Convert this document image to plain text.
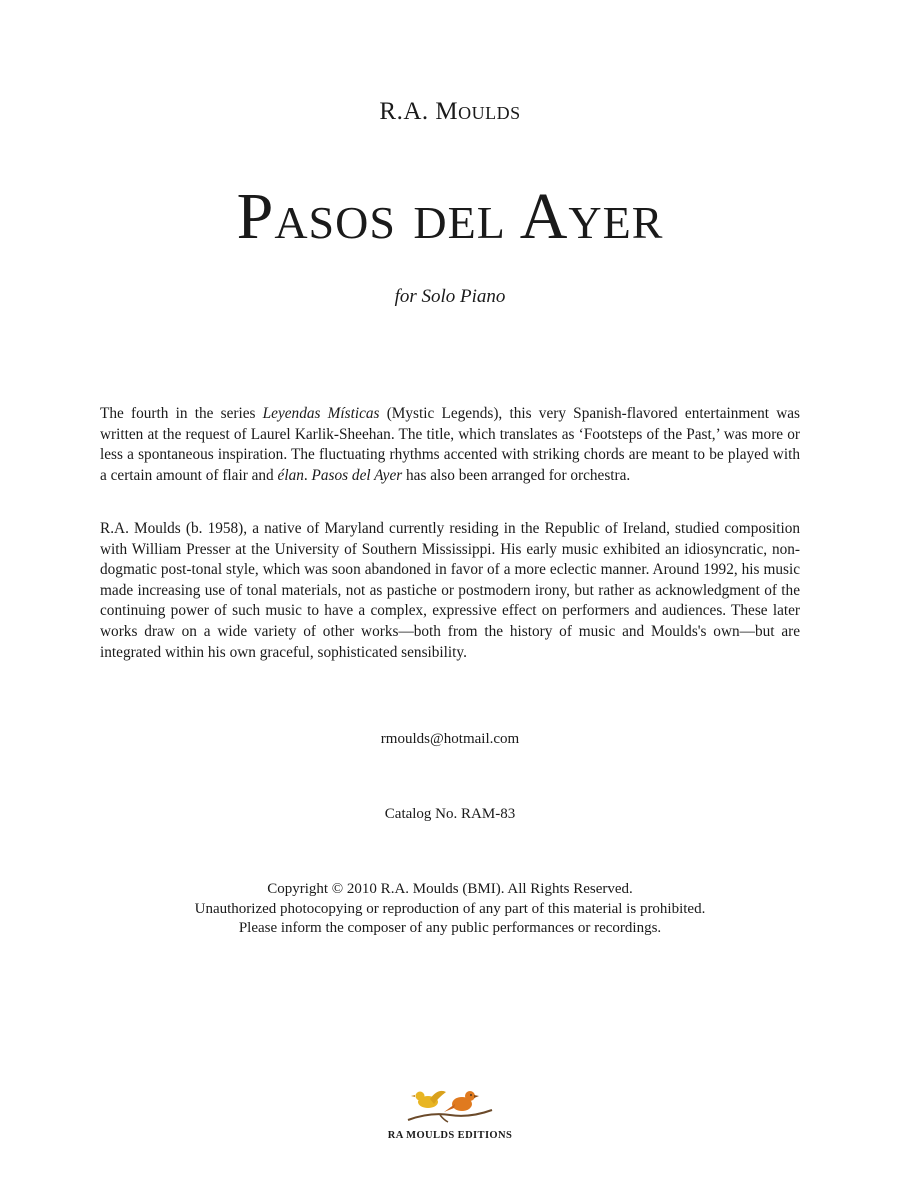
R.A. Moulds
Pasos del Ayer
for Solo Piano

The fourth in the series Leyendas Místicas (Mystic Legends), this very Spanish-flavored entertainment was written at the request of Laurel Karlik-Sheehan. The title, which translates as ‘Footsteps of the Past,’ was more or less a spontaneous inspiration. The fluctuating rhythms accented with striking chords are meant to be played with a certain amount of flair and élan. Pasos del Ayer has also been arranged for orchestra.

R.A. Moulds (b. 1958), a native of Maryland currently residing in the Republic of Ireland, studied composition with William Presser at the University of Southern Mississippi. His early music exhibited an idiosyncratic, non-dogmatic post-tonal style, which was soon abandoned in favor of a more eclectic manner. Around 1992, his music made increasing use of tonal materials, not as pastiche or postmodern irony, but rather as acknowledgment of the continuing power of such music to have a complex, expressive effect on performers and audiences. These later works draw on a wide variety of other works—both from the history of music and Moulds's own—but are integrated within his own graceful, sophisticated sensibility.

rmoulds@hotmail.com
Catalog No. RAM-83
Copyright © 2010 R.A. Moulds (BMI). All Rights Reserved.
Unauthorized photocopying or reproduction of any part of this material is prohibited.
Please inform the composer of any public performances or recordings.
RA MOULDS EDITIONS
